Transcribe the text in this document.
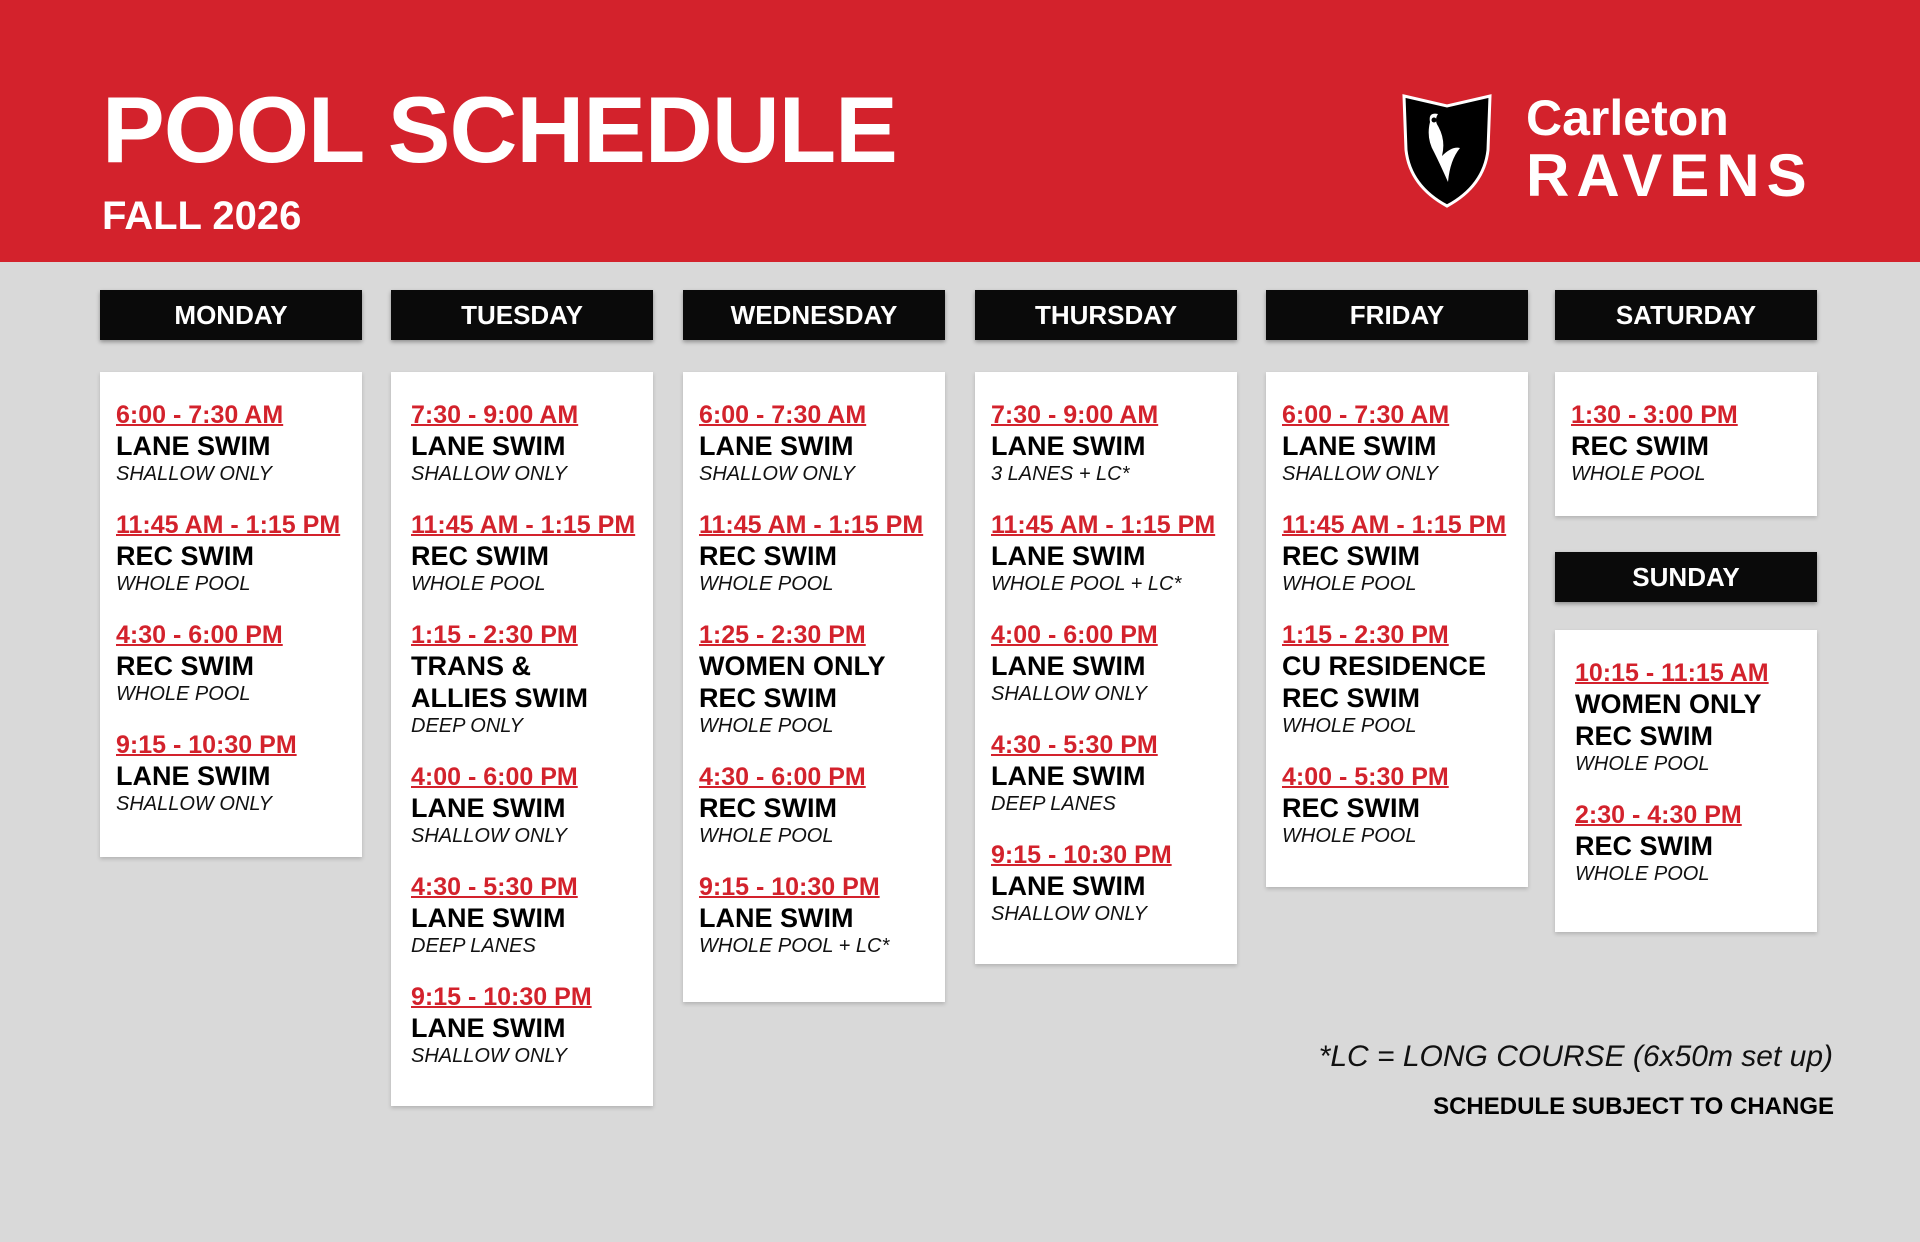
POOL SCHEDULE
FALL 2026
Carleton
RAVENS
MONDAY
6:00 - 7:30 AM
LANE SWIM
SHALLOW ONLY
11:45 AM - 1:15 PM
REC SWIM
WHOLE POOL
4:30 - 6:00 PM
REC SWIM
WHOLE POOL
9:15 - 10:30 PM
LANE SWIM
SHALLOW ONLY
TUESDAY
7:30 - 9:00 AM
LANE SWIM
SHALLOW ONLY
11:45 AM - 1:15 PM
REC SWIM
WHOLE POOL
1:15 - 2:30 PM
TRANS &
ALLIES SWIM
DEEP ONLY
4:00 - 6:00 PM
LANE SWIM
SHALLOW ONLY
4:30 - 5:30 PM
LANE SWIM
DEEP LANES
9:15 - 10:30 PM
LANE SWIM
SHALLOW ONLY
WEDNESDAY
6:00 - 7:30 AM
LANE SWIM
SHALLOW ONLY
11:45 AM - 1:15 PM
REC SWIM
WHOLE POOL
1:25 - 2:30 PM
WOMEN ONLY
REC SWIM
WHOLE POOL
4:30 - 6:00 PM
REC SWIM
WHOLE POOL
9:15 - 10:30 PM
LANE SWIM
WHOLE POOL + LC*
THURSDAY
7:30 - 9:00 AM
LANE SWIM
3 LANES + LC*
11:45 AM - 1:15 PM
LANE SWIM
WHOLE POOL + LC*
4:00 - 6:00 PM
LANE SWIM
SHALLOW ONLY
4:30 - 5:30 PM
LANE SWIM
DEEP LANES
9:15 - 10:30 PM
LANE SWIM
SHALLOW ONLY
FRIDAY
6:00 - 7:30 AM
LANE SWIM
SHALLOW ONLY
11:45 AM - 1:15 PM
REC SWIM
WHOLE POOL
1:15 - 2:30 PM
CU RESIDENCE
REC SWIM
WHOLE POOL
4:00 - 5:30 PM
REC SWIM
WHOLE POOL
SATURDAY
1:30 - 3:00 PM
REC SWIM
WHOLE POOL
SUNDAY
10:15 - 11:15 AM
WOMEN ONLY
REC SWIM
WHOLE POOL
2:30 - 4:30 PM
REC SWIM
WHOLE POOL
*LC = LONG COURSE (6x50m set up)
SCHEDULE SUBJECT TO CHANGE
